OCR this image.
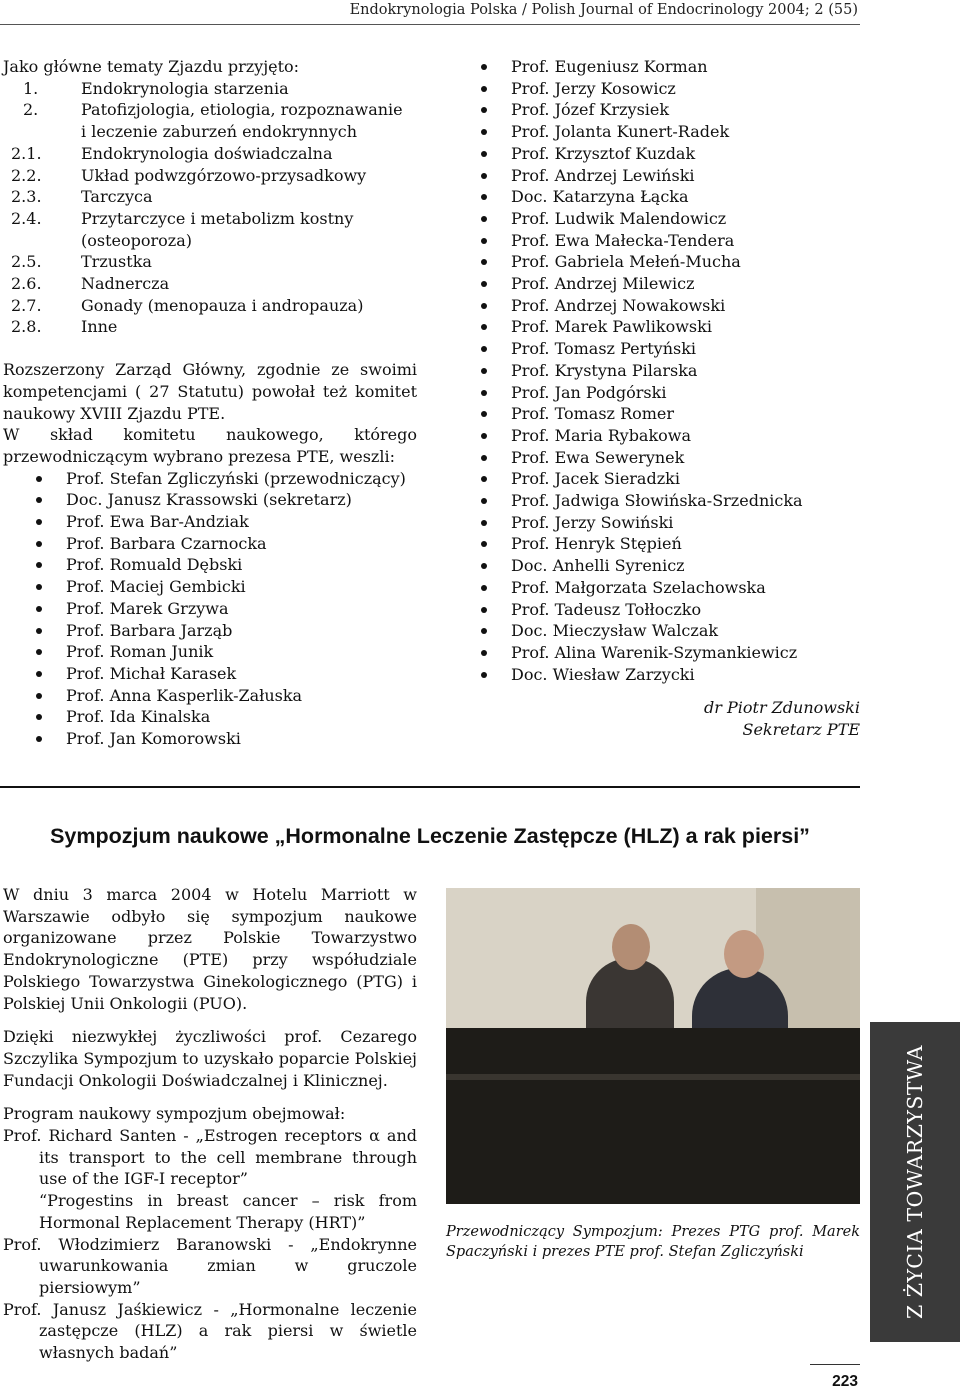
Endokrynologia Polska / Polish Journal of Endocrinology 2004; 2 (55)
Jako główne tematy Zjazdu przyjęto:
1.	Endokrynologia starzenia
2.	Patofizjologia, etiologia, rozpoznawanie
i leczenie zaburzeń endokrynnych
2.1.	Endokrynologia doświadczalna
2.2.	Układ podwzgórzowo-przysadkowy
2.3.	Tarczyca
2.4.	Przytarczyce i metabolizm kostny
(osteoporoza)
2.5.	Trzustka
2.6.	Nadnercza
2.7.	Gonady (menopauza i andropauza)
2.8.	Inne

Rozszerzony Zarząd Główny, zgodnie ze swoimi kompetencjami ( 27 Statutu) powołał też komitet naukowy XVIII Zjazdu PTE.

W skład komitetu naukowego, którego przewodniczącym wybrano prezesa PTE, weszli:

Prof. Stefan Zgliczyński (przewodniczący)
Doc. Janusz Krassowski (sekretarz)
Prof. Ewa Bar-Andziak
Prof. Barbara Czarnocka
Prof. Romuald Dębski
Prof. Maciej Gembicki
Prof. Marek Grzywa
Prof. Barbara Jarząb
Prof. Roman Junik
Prof. Michał Karasek
Prof. Anna Kasperlik-Załuska
Prof. Ida Kinalska
Prof. Jan Komorowski
Prof. Eugeniusz Korman
Prof. Jerzy Kosowicz
Prof. Józef Krzysiek
Prof. Jolanta Kunert-Radek
Prof. Krzysztof Kuzdak
Prof. Andrzej Lewiński
Doc. Katarzyna Łącka
Prof. Ludwik Malendowicz
Prof. Ewa Małecka-Tendera
Prof. Gabriela Mełeń-Mucha
Prof. Andrzej Milewicz
Prof. Andrzej Nowakowski
Prof. Marek Pawlikowski
Prof. Tomasz Pertyński
Prof. Krystyna Pilarska
Prof. Jan Podgórski
Prof. Tomasz Romer
Prof. Maria Rybakowa
Prof. Ewa Sewerynek
Prof. Jacek Sieradzki
Prof. Jadwiga Słowińska-Srzednicka
Prof. Jerzy Sowiński
Prof. Henryk Stępień
Doc. Anhelli Syrenicz
Prof. Małgorzata Szelachowska
Prof. Tadeusz Tołłoczko
Doc. Mieczysław Walczak
Prof. Alina Warenik-Szymankiewicz
Doc. Wiesław Zarzycki
dr Piotr Zdunowski
Sekretarz PTE
Sympozjum naukowe „Hormonalne Leczenie Zastępcze (HLZ) a rak piersi”

W dniu 3 marca 2004 w Hotelu Marriott w Warszawie odbyło się sympozjum naukowe organizowane przez Polskie Towarzystwo Endokrynologiczne (PTE) przy współudziale Polskiego Towarzystwa Ginekologicznego (PTG) i Polskiej Unii Onkologii (PUO).

Dzięki niezwykłej życzliwości prof. Cezarego Szczylika Sympozjum to uzyskało poparcie Polskiej Fundacji Onkologii Doświadczalnej i Klinicznej.

Program naukowy sympozjum obejmował:
Prof. Richard Santen - „Estrogen receptors α and its transport to the cell membrane through use of the IGF-I receptor”
“Progestins in breast cancer – risk from Hormonal Replacement Therapy (HRT)”
Prof. Włodzimierz Baranowski - „Endokrynne uwarunkowania zmian w gruczole piersiowym”
Prof. Janusz Jaśkiewicz - „Hormonalne leczenie zastępcze (HLZ) a rak piersi w świetle własnych badań”

Przewodniczący Sympozjum: Prezes PTG prof. Marek Spaczyński i prezes PTE prof. Stefan Zgliczyński	Z ŻYCIA TOWARZYSTWA
223
